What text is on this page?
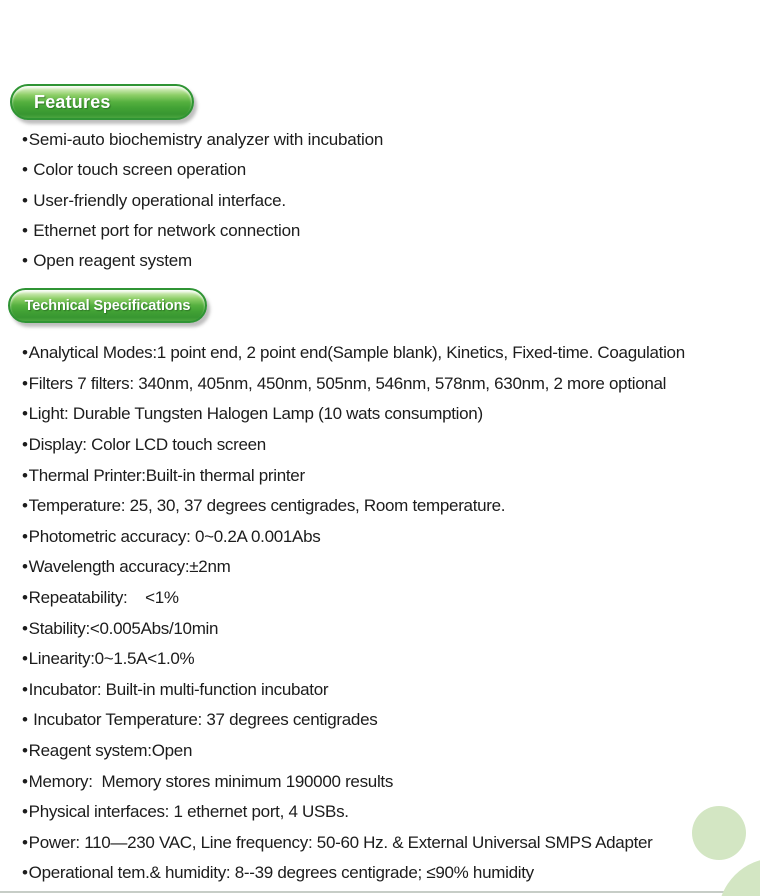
Features
• Semi-auto biochemistry analyzer with incubation
• Color touch screen operation
• User-friendly operational interface.
• Ethernet port for network connection
• Open reagent system
Technical Specifications
• Analytical Modes:1 point end, 2 point end(Sample blank), Kinetics, Fixed-time. Coagulation
• Filters 7 filters: 340nm, 405nm, 450nm, 505nm, 546nm, 578nm, 630nm, 2 more optional
• Light: Durable Tungsten Halogen Lamp (10 wats consumption)
• Display: Color LCD touch screen
• Thermal Printer:Built-in thermal printer
• Temperature: 25, 30, 37 degrees centigrades, Room temperature.
• Photometric accuracy: 0~0.2A 0.001Abs
• Wavelength accuracy:±2nm
• Repeatability:    <1%
• Stability:<0.005Abs/10min
• Linearity:0~1.5A<1.0%
• Incubator: Built-in multi-function incubator
• Incubator Temperature: 37 degrees centigrades
• Reagent system:Open
• Memory:  Memory stores minimum 190000 results
• Physical interfaces: 1 ethernet port, 4 USBs.
• Power: 110—230 VAC, Line frequency: 50-60 Hz. & External Universal SMPS Adapter
• Operational tem.& humidity: 8--39 degrees centigrade; ≤90% humidity
